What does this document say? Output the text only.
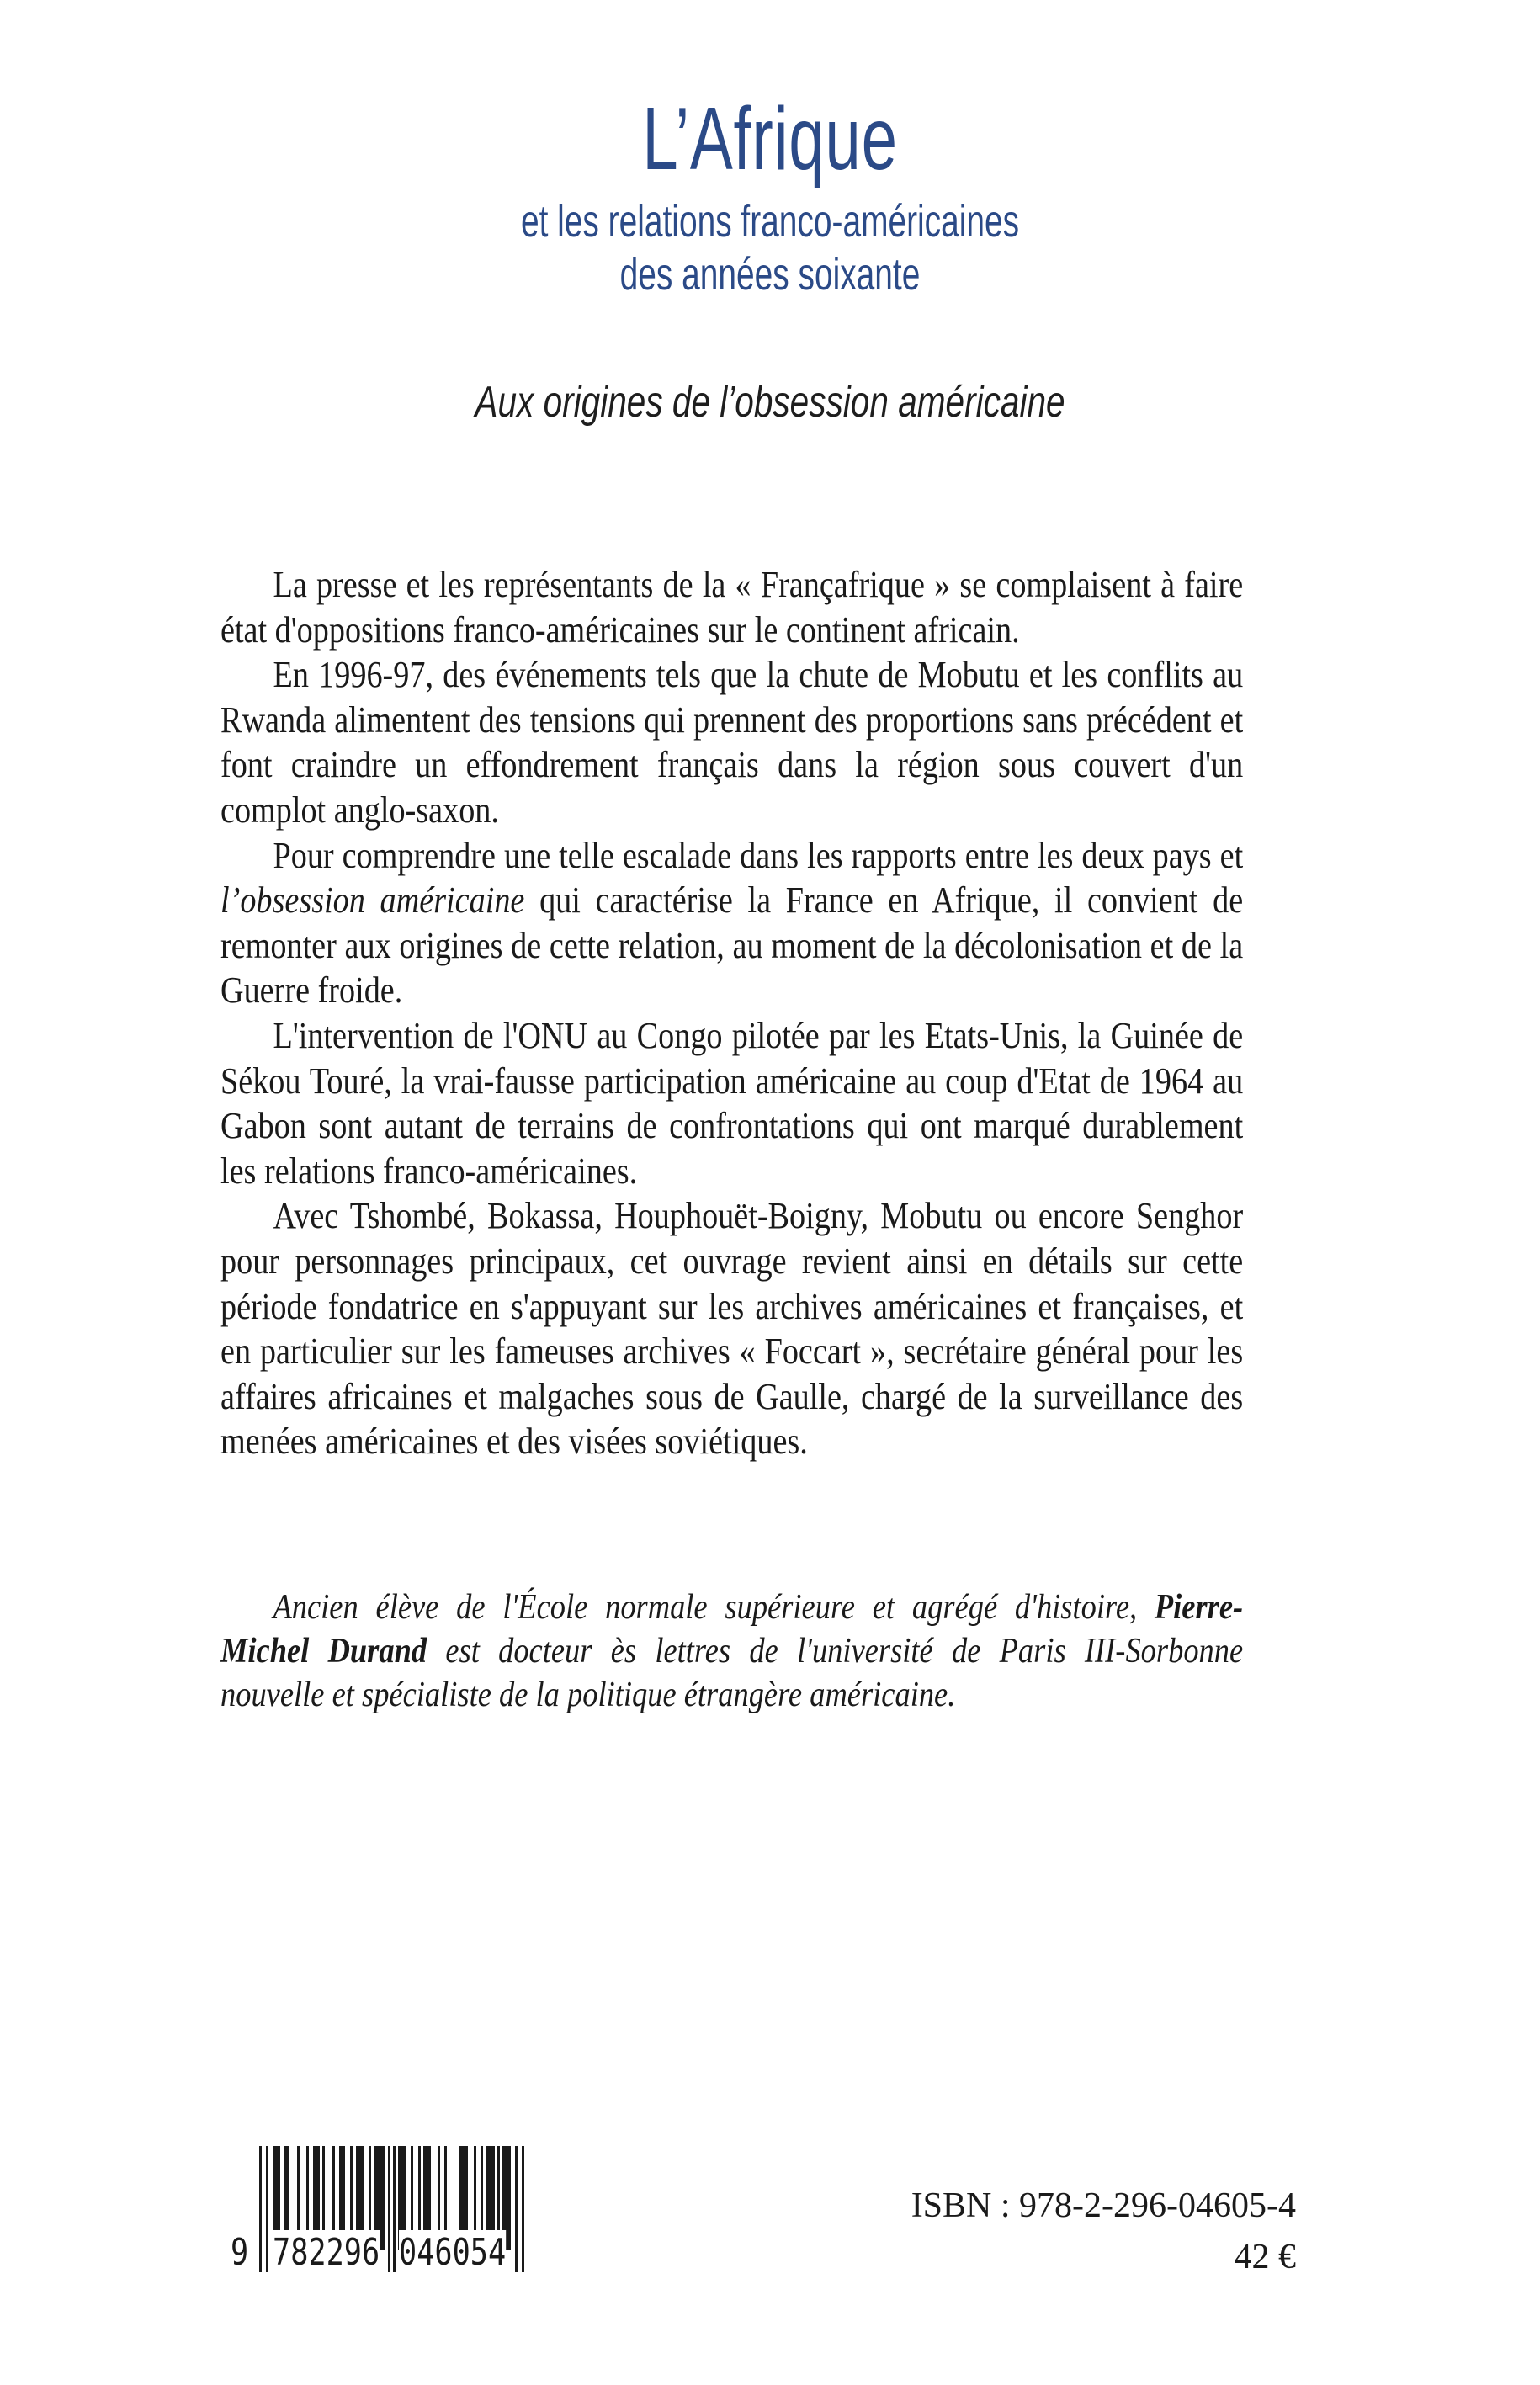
L’Afrique
et les relations franco-américaines
des années soixante
Aux origines de l’obsession américaine

La presse et les représentants de la « Françafrique » se complaisent à faire état d'oppositions franco-américaines sur le continent africain.

En 1996-97, des événements tels que la chute de Mobutu et les conflits au Rwanda alimentent des tensions qui prennent des proportions sans précédent et font craindre un effondrement français dans la région sous couvert d'un complot anglo-saxon.

Pour comprendre une telle escalade dans les rapports entre les deux pays et l’obsession américaine qui caractérise la France en Afrique, il convient de remonter aux origines de cette relation, au moment de la décolonisation et de la Guerre froide.

L'intervention de l'ONU au Congo pilotée par les Etats-Unis, la Guinée de Sékou Touré, la vrai-fausse participation américaine au coup d'Etat de 1964 au Gabon sont autant de terrains de confrontations qui ont marqué durablement les relations franco-américaines.

Avec Tshombé, Bokassa, Houphouët-Boigny, Mobutu ou encore Senghor pour personnages principaux, cet ouvrage revient ainsi en détails sur cette période fondatrice en s'appuyant sur les archives américaines et françaises, et en particulier sur les fameuses archives « Foccart », secrétaire général pour les affaires africaines et malgaches sous de Gaulle, chargé de la surveillance des menées américaines et des visées soviétiques.

Ancien élève de l'École normale supérieure et agrégé d'histoire, Pierre-Michel Durand est docteur ès lettres de l'université de Paris III-Sorbonne nouvelle et spécialiste de la politique étrangère américaine.

9 782296 046054
ISBN : 978-2-296-04605-4
42 €
